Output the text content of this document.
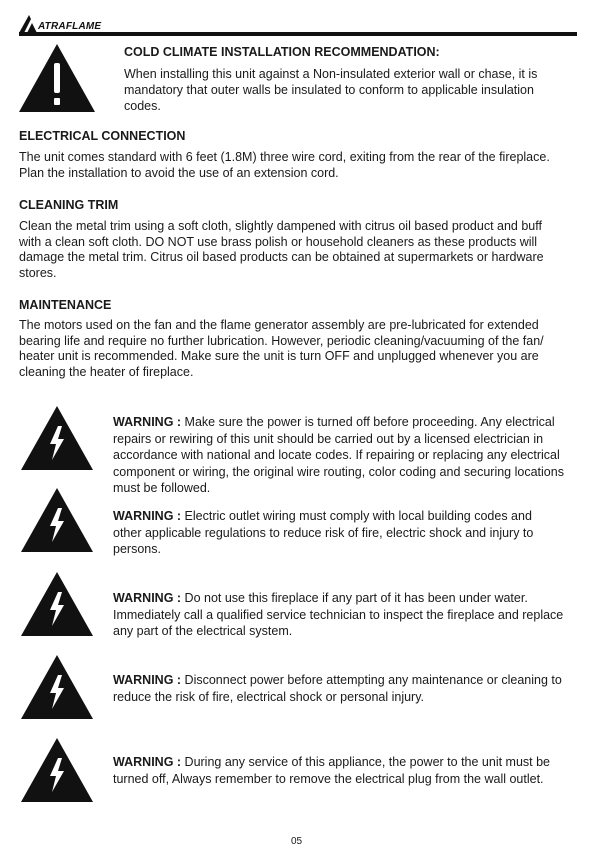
ATRAFLAME
COLD CLIMATE INSTALLATION RECOMMENDATION:
When installing this unit against a Non-insulated exterior wall or chase, it is
mandatory that outer walls be insulated to conform to applicable insulation
codes.
ELECTRICAL CONNECTION
The unit comes standard with 6 feet (1.8M) three wire cord, exiting from the rear of the fireplace.
Plan the installation to avoid the use of an extension cord.
CLEANING TRIM
Clean the metal trim using a soft cloth, slightly dampened with citrus oil based product and buff
with a clean soft cloth. DO NOT use brass polish or household cleaners as these products will
damage the metal trim. Citrus oil based products can be obtained at supermarkets or hardware
stores.
MAINTENANCE
The motors used on the fan and the flame generator assembly are pre-lubricated for extended
bearing life and require no further lubrication. However, periodic cleaning/vacuuming of the fan/
heater unit is recommended. Make sure the unit is turn OFF and unplugged whenever you are
cleaning the heater of fireplace.
WARNING : Make sure the power is turned off before proceeding. Any electrical
repairs or rewiring of this unit should be carried out by a licensed electrician in
accordance with national and locate codes. If repairing or replacing any electrical
component or wiring, the original wire routing, color coding and securing locations
must be followed.
WARNING : Electric outlet wiring must comply with local building codes and
other applicable regulations to reduce risk of fire, electric shock and injury to
persons.
WARNING : Do not use this fireplace if any part of it has been under water.
Immediately call a qualified service technician to inspect the fireplace and replace
any part of the electrical system.
WARNING : Disconnect power before attempting any maintenance or cleaning to
reduce the risk of fire, electrical shock or personal injury.
WARNING : During any service of this appliance, the power to the unit must be
turned off, Always remember to remove the electrical plug from the wall outlet.
05
